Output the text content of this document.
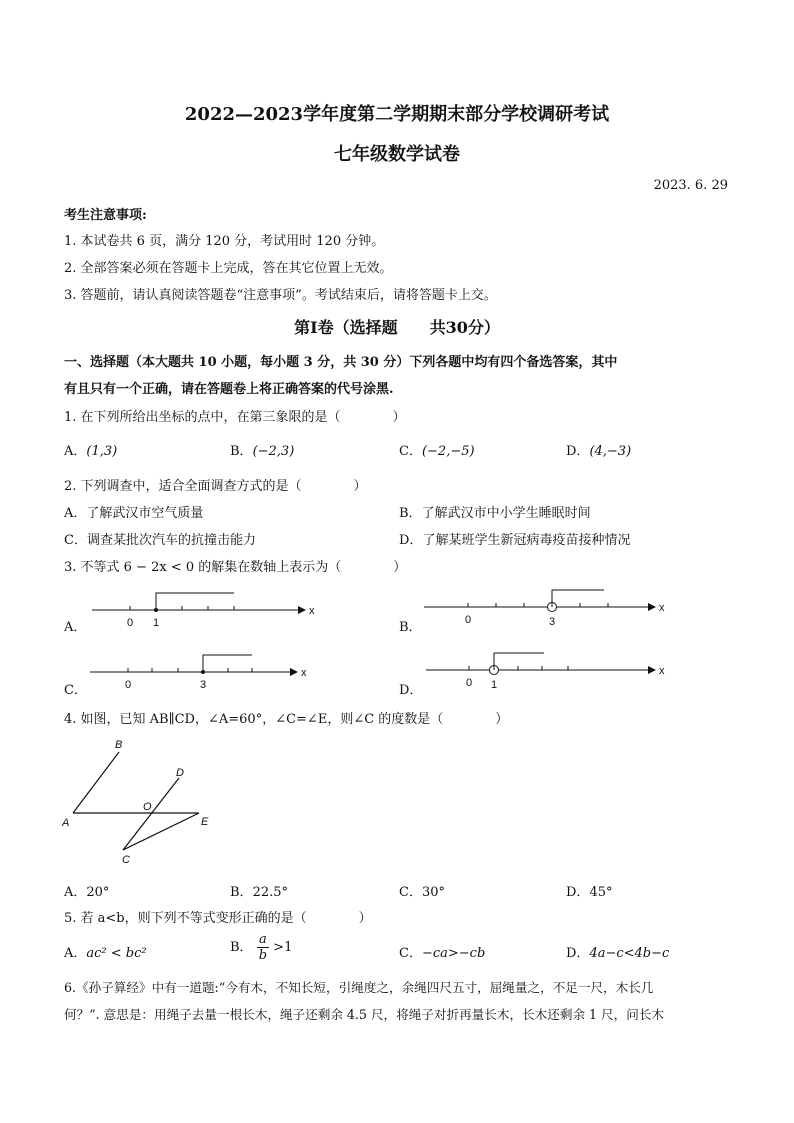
2022—2023学年度第二学期期末部分学校调研考试
七年级数学试卷
2023. 6. 29
考生注意事项:
1. 本试卷共 6 页，满分 120 分，考试用时 120 分钟。
2. 全部答案必须在答题卡上完成，答在其它位置上无效。
3. 答题前，请认真阅读答题卷“注意事项”。考试结束后，请将答题卡上交。
第Ⅰ卷（选择题　　共30分）
一、选择题（本大题共 10 小题，每小题 3 分，共 30 分）下列各题中均有四个备选答案，其中
有且只有一个正确，请在答题卷上将正确答案的代号涂黑.
1. 在下列所给出坐标的点中，在第三象限的是（　　　　）
A．(1,3)	B．(−2,3)	C．(−2,−5)	D．(4,−3)
2. 下列调查中，适合全面调查方式的是（　　　　）
A．了解武汉市空气质量	B．了解武汉市中小学生睡眠时间
C．调查某批次汽车的抗撞击能力	D．了解某班学生新冠病毒疫苗接种情况
3. 不等式 6 − 2x < 0 的解集在数轴上表示为（　　　　）
A．	0 1
x
B．	0	3
x
C．	0	3
x
D．	0 1
x
4. 如图，已知 AB∥CD，∠A=60°，∠C=∠E，则∠C 的度数是（　　　　）
B
D
O
A	E
C
A．20°	B．22.5°	C．30°	D．45°
5. 若 a<b，则下列不等式变形正确的是（　　　　）
A．ac² < bc²	B． $\frac{a}{b} >1$	C．−ca>−cb	D．4a−c<4b−c
6.《孙子算经》中有一道题:“今有木，不知长短，引绳度之，余绳四尺五寸，屈绳量之，不足一尺，木长几
何？”. 意思是：用绳子去量一根长木，绳子还剩余 4.5 尺，将绳子对折再量长木，长木还剩余 1 尺，问长木
